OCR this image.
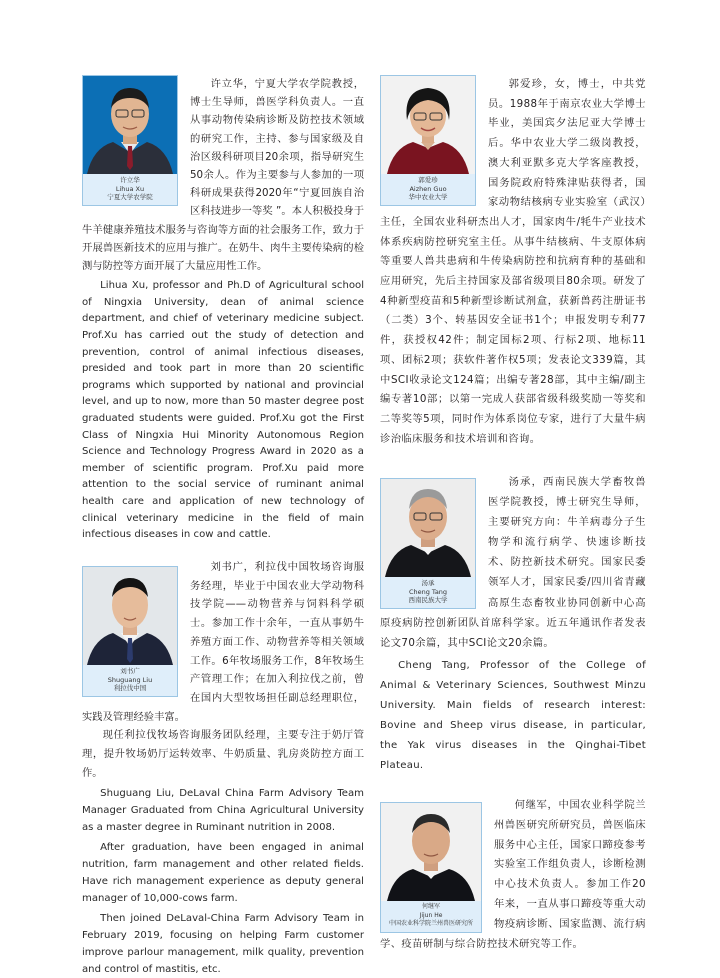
许立华
Lihua Xu
宁夏大学农学院

许立华，宁夏大学农学院教授，博士生导师，兽医学科负责人。一直从事动物传染病诊断及防控技术领域的研究工作，主持、参与国家级及自治区级科研项目20余项，指导研究生50余人。作为主要参与人参加的一项科研成果获得2020年“宁夏回族自治区科技进步一等奖 ”。本人积极投身于牛羊健康养殖技术服务与咨询等方面的社会服务工作，致力于开展兽医新技术的应用与推广。在奶牛、肉牛主要传染病的检测与防控等方面开展了大量应用性工作。

Lihua Xu, professor and Ph.D of Agricultural school of Ningxia University, dean of animal science department, and chief of veterinary medicine subject. Prof.Xu has carried out the study of detection and prevention, control of animal infectious diseases, presided and took part in more than 20 scientific programs which supported by national and provincial level, and up to now, more than 50 master degree post graduated students were guided. Prof.Xu got the First Class of Ningxia Hui Minority Autonomous Region Science and Technology Progress Award in 2020 as a member of scientific program. Prof.Xu paid more attention to the social service of ruminant animal health care and application of new technology of clinical veterinary medicine in the field of main infectious diseases in cow and cattle.

刘书广
Shuguang Liu
利拉伐中国

刘书广，利拉伐中国牧场咨询服务经理，毕业于中国农业大学动物科技学院——动物营养与饲料科学硕士。参加工作十余年，一直从事奶牛养殖方面工作、动物营养等相关领域工作。6年牧场服务工作，8年牧场生产管理工作；在加入利拉伐之前，曾在国内大型牧场担任副总经理职位，实践及管理经验丰富。

现任利拉伐牧场咨询服务团队经理，主要专注于奶厅管理，提升牧场奶厅运转效率、牛奶质量、乳房炎防控方面工作。

Shuguang Liu, DeLaval China Farm Advisory Team Manager Graduated from China Agricultural University as a master degree in Ruminant nutrition in 2008.

After graduation, have been engaged in animal nutrition, farm management and other related fields. Have rich management experience as deputy general manager of 10,000-cows farm.

Then joined DeLaval-China Farm Advisory Team in February 2019, focusing on helping Farm customer improve parlour management, milk quality, prevention and control of mastitis, etc.

郭爱珍
Aizhen Guo
华中农业大学

郭爱珍，女，博士，中共党员。1988年于南京农业大学博士毕业，美国宾夕法尼亚大学博士后。华中农业大学二级岗教授，澳大利亚默多克大学客座教授，国务院政府特殊津贴获得者，国家动物结核病专业实验室（武汉）主任，全国农业科研杰出人才，国家肉牛/牦牛产业技术体系疾病防控研究室主任。从事牛结核病、牛支原体病等重要人兽共患病和牛传染病防控和抗病育种的基础和应用研究，先后主持国家及部省级项目80余项。研发了4种新型疫苗和5种新型诊断试剂盒，获新兽药注册证书（二类）3个、转基因安全证书1个；申报发明专利77件，获授权42件；制定国标2项、行标2项、地标11项、团标2项；获软件著作权5项；发表论文339篇，其中SCI收录论文124篇；出编专著28部，其中主编/副主编专著10部；以第一完成人获部省级科级奖励一等奖和二等奖等5项，同时作为体系岗位专家，进行了大量牛病诊治临床服务和技术培训和咨询。

汤承
Cheng Tang
西南民族大学

汤承，西南民族大学畜牧兽医学院教授，博士研究生导师，主要研究方向：牛羊病毒分子生物学和流行病学、快速诊断技术、防控新技术研究。国家民委领军人才，国家民委/四川省青藏高原生态畜牧业协同创新中心高原疫病防控创新团队首席科学家。近五年通讯作者发表论文70余篇，其中SCI论文20余篇。

Cheng Tang, Professor of the College of Animal & Veterinary Sciences, Southwest Minzu University. Main fields of research interest: Bovine and Sheep virus disease, in particular, the Yak virus diseases in the Qinghai-Tibet Plateau.

何继军
Jijun He
中国农业科学院兰州兽医研究所

何继军，中国农业科学院兰州兽医研究所研究员，兽医临床服务中心主任，国家口蹄疫参考实验室工作组负责人，诊断检测中心技术负责人。参加工作20年来，一直从事口蹄疫等重大动物疫病诊断、国家监测、流行病学、疫苗研制与综合防控技术研究等工作。
